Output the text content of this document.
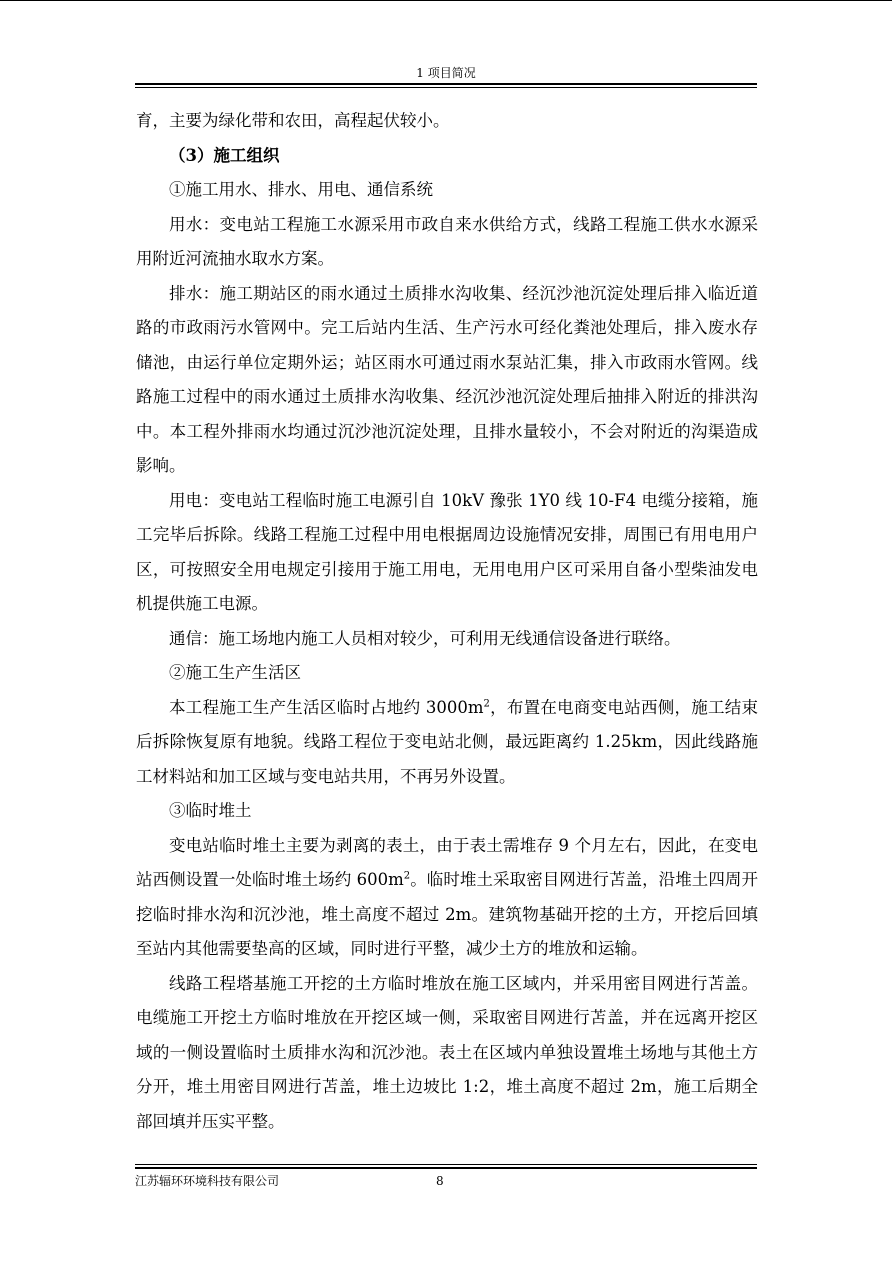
1 项目简况

育，主要为绿化带和农田，高程起伏较小。

（3）施工组织

①施工用水、排水、用电、通信系统

用水：变电站工程施工水源采用市政自来水供给方式，线路工程施工供水水源采用附近河流抽水取水方案。

排水：施工期站区的雨水通过土质排水沟收集、经沉沙池沉淀处理后排入临近道路的市政雨污水管网中。完工后站内生活、生产污水可经化粪池处理后，排入废水存储池，由运行单位定期外运；站区雨水可通过雨水泵站汇集，排入市政雨水管网。线路施工过程中的雨水通过土质排水沟收集、经沉沙池沉淀处理后抽排入附近的排洪沟中。本工程外排雨水均通过沉沙池沉淀处理，且排水量较小，不会对附近的沟渠造成影响。

用电：变电站工程临时施工电源引自 10kV 豫张 1Y0 线 10-F4 电缆分接箱，施工完毕后拆除。线路工程施工过程中用电根据周边设施情况安排，周围已有用电用户区，可按照安全用电规定引接用于施工用电，无用电用户区可采用自备小型柴油发电机提供施工电源。

通信：施工场地内施工人员相对较少，可利用无线通信设备进行联络。

②施工生产生活区

本工程施工生产生活区临时占地约 $3000m^2$，布置在电商变电站西侧，施工结束后拆除恢复原有地貌。线路工程位于变电站北侧，最远距离约 1.25km，因此线路施工材料站和加工区域与变电站共用，不再另外设置。

③临时堆土

变电站临时堆土主要为剥离的表土，由于表土需堆存 9 个月左右，因此，在变电站西侧设置一处临时堆土场约 $600m^2$。临时堆土采取密目网进行苫盖，沿堆土四周开挖临时排水沟和沉沙池，堆土高度不超过 2m。建筑物基础开挖的土方，开挖后回填至站内其他需要垫高的区域，同时进行平整，减少土方的堆放和运输。

线路工程塔基施工开挖的土方临时堆放在施工区域内，并采用密目网进行苫盖。电缆施工开挖土方临时堆放在开挖区域一侧，采取密目网进行苫盖，并在远离开挖区域的一侧设置临时土质排水沟和沉沙池。表土在区域内单独设置堆土场地与其他土方分开，堆土用密目网进行苫盖，堆土边坡比 1:2，堆土高度不超过 2m，施工后期全部回填并压实平整。

江苏辐环环境科技有限公司	8
